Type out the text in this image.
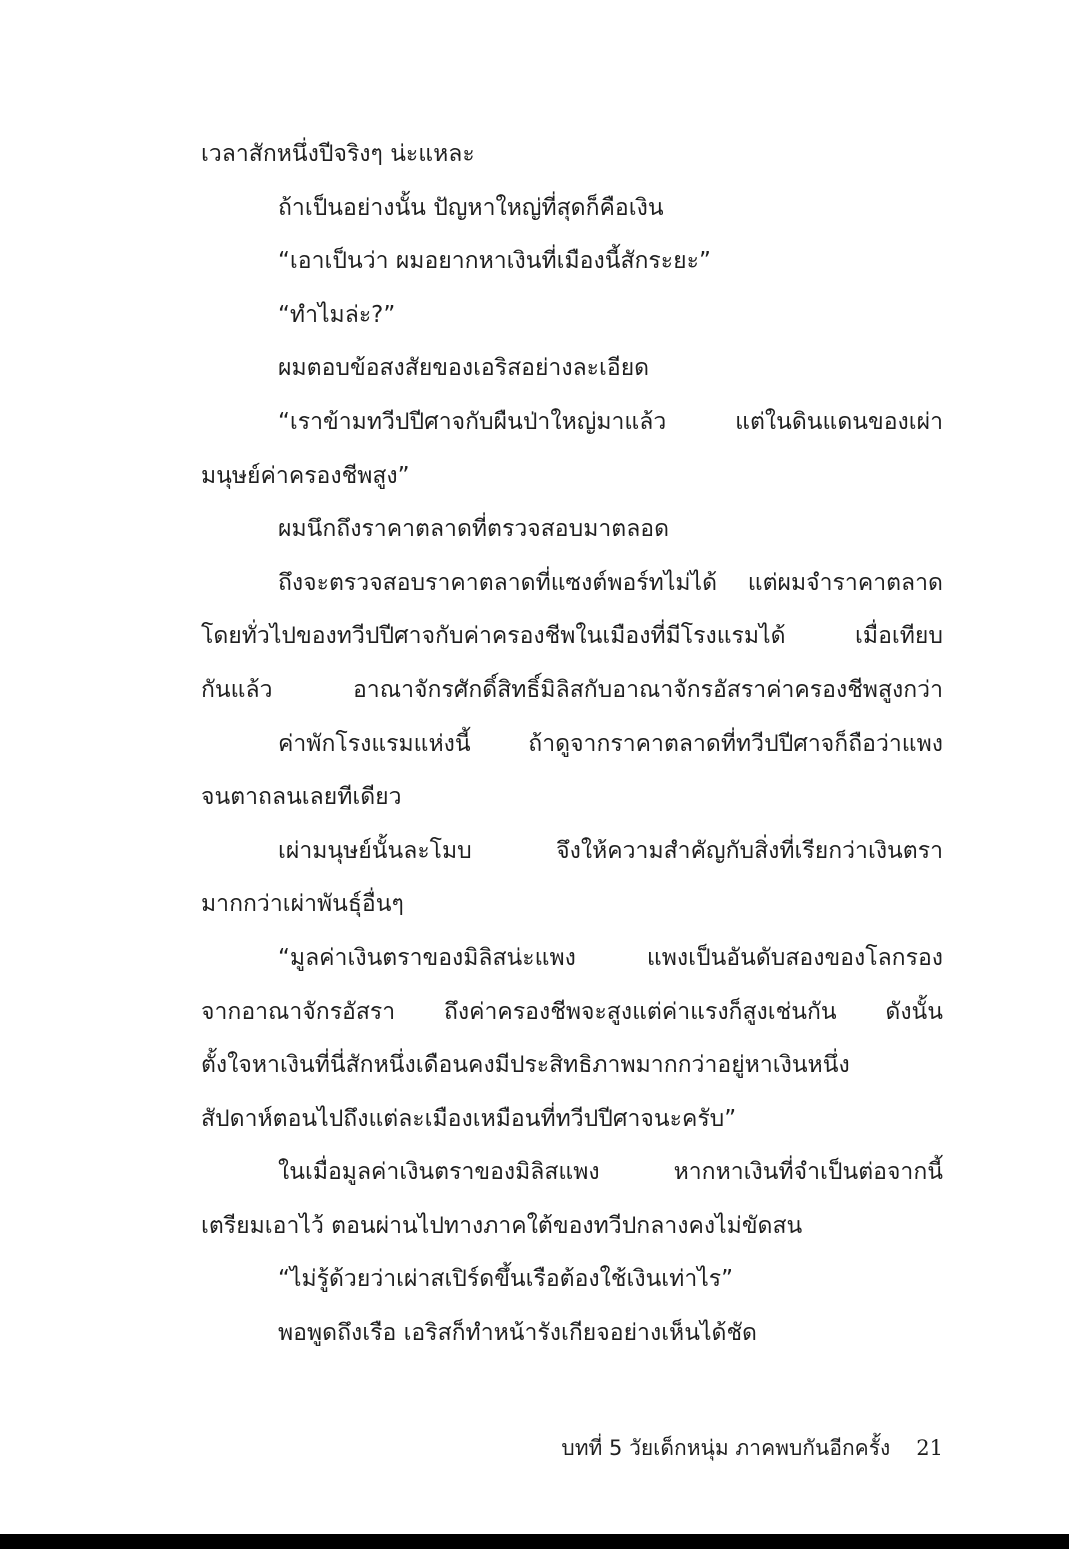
เวลาสักหนึ่งปีจริงๆ น่ะแหละ
ถ้าเป็นอย่างนั้น ปัญหาใหญ่ที่สุดก็คือเงิน
“เอาเป็นว่า ผมอยากหาเงินที่เมืองนี้สักระยะ”
“ทำไมล่ะ?”
ผมตอบข้อสงสัยของเอริสอย่างละเอียด
“เราข้ามทวีปปีศาจกับผืนป่าใหญ่มาแล้ว แต่ในดินแดนของเผ่า
มนุษย์ค่าครองชีพสูง”
ผมนึกถึงราคาตลาดที่ตรวจสอบมาตลอด
ถึงจะตรวจสอบราคาตลาดที่แซงต์พอร์ทไม่ได้ แต่ผมจำราคาตลาด
โดยทั่วไปของทวีปปีศาจกับค่าครองชีพในเมืองที่มีโรงแรมได้ เมื่อเทียบ
กันแล้ว อาณาจักรศักดิ์สิทธิ์มิลิสกับอาณาจักรอัสราค่าครองชีพสูงกว่า
ค่าพักโรงแรมแห่งนี้ ถ้าดูจากราคาตลาดที่ทวีปปีศาจก็ถือว่าแพง
จนตาถลนเลยทีเดียว
เผ่ามนุษย์นั้นละโมบ จึงให้ความสำคัญกับสิ่งที่เรียกว่าเงินตรา
มากกว่าเผ่าพันธุ์อื่นๆ
“มูลค่าเงินตราของมิลิสน่ะแพง แพงเป็นอันดับสองของโลกรอง
จากอาณาจักรอัสรา ถึงค่าครองชีพจะสูงแต่ค่าแรงก็สูงเช่นกัน ดังนั้น
ตั้งใจหาเงินที่นี่สักหนึ่งเดือนคงมีประสิทธิภาพมากกว่าอยู่หาเงินหนึ่ง
สัปดาห์ตอนไปถึงแต่ละเมืองเหมือนที่ทวีปปีศาจนะครับ”
ในเมื่อมูลค่าเงินตราของมิลิสแพง หากหาเงินที่จำเป็นต่อจากนี้
เตรียมเอาไว้ ตอนผ่านไปทางภาคใต้ของทวีปกลางคงไม่ขัดสน
“ไม่รู้ด้วยว่าเผ่าสเปิร์ดขึ้นเรือต้องใช้เงินเท่าไร”
พอพูดถึงเรือ เอริสก็ทำหน้ารังเกียจอย่างเห็นได้ชัด
บทที่ 5 วัยเด็กหนุ่ม ภาคพบกันอีกครั้ง 21
